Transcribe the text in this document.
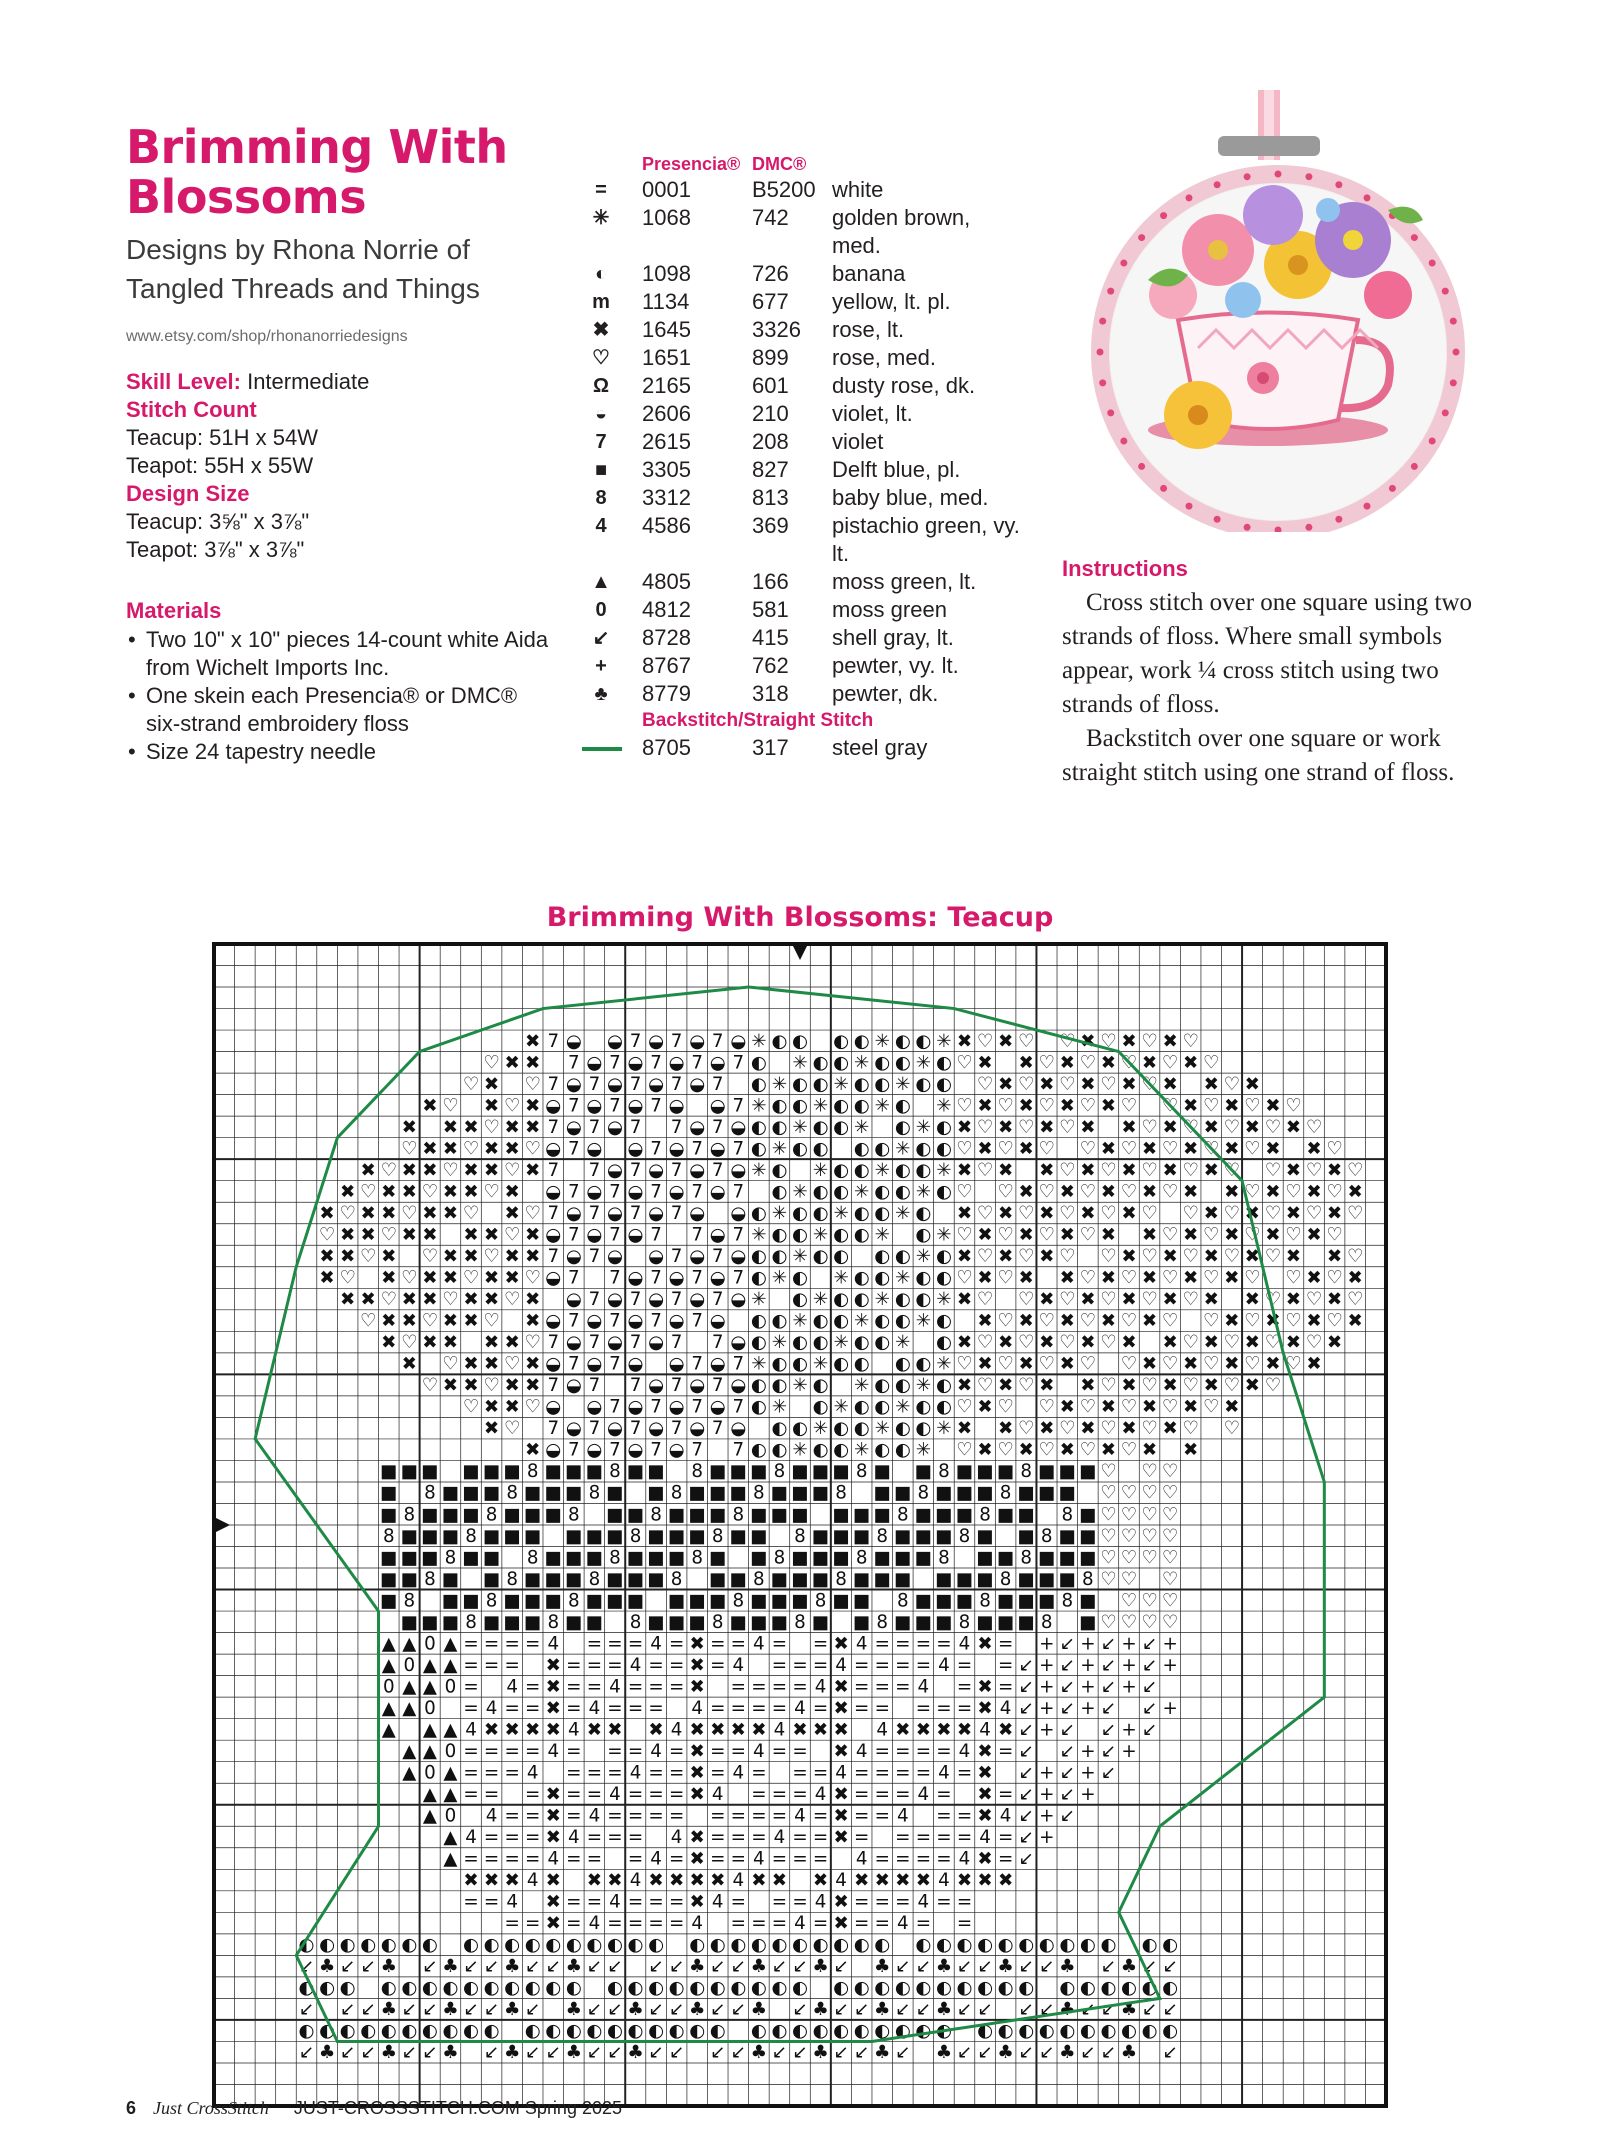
Brimming With Blossoms
Designs by Rhona Norrie of Tangled Threads and Things
www.etsy.com/shop/rhonanorriedesigns
Skill Level: Intermediate
Stitch Count
Teacup: 51H x 54W
Teapot: 55H x 55W
Design Size
Teacup: 3⅝" x 3⅞"
Teapot: 3⅞" x 3⅞"
Materials
• Two 10" x 10" pieces 14-count white Aida from Wichelt Imports Inc.
• One skein each Presencia® or DMC® six-strand embroidery floss
• Size 24 tapestry needle
Presencia® DMC®
=	0001	B5200 white
✳	1068	742 golden brown, med.
◐	1098	726 banana
m	1134	677 yellow, lt. pl.
✖	1645	3326 rose, lt.
♡	1651	899 rose, med.
Ω	2165	601 dusty rose, dk.
◒	2606	210 violet, lt.
7	2615	208 violet
■	3305	827 Delft blue, pl.
8	3312	813 baby blue, med.
4	4586	369 pistachio green, vy. lt.
▲	4805	166 moss green, lt.
0	4812	581 moss green
↙	8728	415 shell gray, lt.
+	8767	762 pewter, vy. lt.
♣	8779	318 pewter, dk.
Backstitch/Straight Stitch
8705	317 steel gray
Instructions

Cross stitch over one square using two strands of floss. Where small symbols appear, work ¼ cross stitch using two strands of floss.

Backstitch over one square or work straight stitch using one strand of floss.

Brimming With Blossoms: Teacup
✖ 7 ◒ ◒ 7 ◒ 7 ◒ 7 ◒ ✳ ◐ ◐ ◐ ◐ ✳ ◐ ◐ ✳ ✖ ♡ ✖ ♡ ♡ ✖ ♡ ✖ ♡ ✖ ♡
♡ ✖ ✖ 7 ◒ 7 ◒ 7 ◒ 7 ◒ 7 ◐ ✳ ◐ ◐ ✳ ◐ ◐ ✳ ◐ ♡ ✖ ✖ ♡ ✖ ♡ ✖ ♡ ✖ ♡ ✖ ♡
♡ ✖ ♡ 7 ◒ 7 ◒ 7 ◒ 7 ◒ 7 ◐ ✳ ◐ ◐ ✳ ◐ ◐ ✳ ◐ ◐ ♡ ✖ ♡ ✖ ♡ ✖ ♡ ✖ ♡ ✖ ✖ ♡ ✖
✖ ♡ ✖ ♡ ✖ ◒ 7 ◒ 7 ◒ 7 ◒ ◒ 7 ✳ ◐ ◐ ✳ ◐ ◐ ✳ ◐ ✳ ♡ ✖ ♡ ✖ ♡ ✖ ♡ ✖ ♡ ♡ ✖ ♡ ✖ ♡ ✖ ♡
✖ ✖ ✖ ♡ ✖ ✖ 7 ◒ 7 ◒ 7 7 ◒ 7 ◒ ◐ ◐ ✳ ◐ ◐ ✳ ◐ ✳ ◐ ✖ ♡ ✖ ♡ ✖ ♡ ✖ ✖ ♡ ✖ ♡ ✖ ♡ ✖ ♡ ✖ ♡
♡ ✖ ✖ ♡ ✖ ✖ ♡ ◒ 7 ◒ ◒ 7 ◒ 7 ◒ 7 ◐ ✳ ◐ ◐ ◐ ◐ ✳ ◐ ◐ ♡ ✖ ♡ ✖ ♡ ♡ ✖ ♡ ✖ ♡ ✖ ♡ ✖ ♡ ✖ ✖ ♡
✖ ♡ ✖ ✖ ♡ ✖ ✖ ♡ ✖ 7 7 ◒ 7 ◒ 7 ◒ 7 ◒ ✳ ◐ ✳ ◐ ◐ ✳ ◐ ◐ ✳ ✖ ♡ ✖ ✖ ♡ ✖ ♡ ✖ ♡ ✖ ♡ ✖ ♡ ♡ ✖ ♡ ✖ ♡
✖ ♡ ✖ ✖ ♡ ✖ ✖ ♡ ✖ ◒ 7 ◒ 7 ◒ 7 ◒ 7 ◒ 7 ◐ ✳ ◐ ◐ ✳ ◐ ◐ ✳ ◐ ♡ ♡ ✖ ♡ ✖ ♡ ✖ ♡ ✖ ♡ ✖ ✖ ♡ ✖ ♡ ✖ ♡ ✖
✖ ♡ ✖ ✖ ♡ ✖ ✖ ♡ ✖ ♡ 7 ◒ 7 ◒ 7 ◒ 7 ◒ ◒ ◐ ✳ ◐ ◐ ✳ ◐ ◐ ✳ ◐ ✖ ♡ ✖ ♡ ✖ ♡ ✖ ♡ ✖ ♡ ♡ ✖ ♡ ✖ ♡ ✖ ♡ ✖ ♡
♡ ✖ ✖ ♡ ✖ ✖ ✖ ✖ ♡ ✖ ◒ 7 ◒ 7 ◒ 7 7 ◒ 7 ✳ ◐ ◐ ✳ ◐ ◐ ✳ ◐ ✳ ♡ ✖ ♡ ✖ ♡ ✖ ♡ ✖ ✖ ♡ ✖ ♡ ✖ ♡ ✖ ♡ ✖ ♡
✖ ✖ ♡ ✖ ♡ ✖ ✖ ♡ ✖ ✖ 7 ◒ 7 ◒ ◒ 7 ◒ 7 ◒ ◐ ◐ ✳ ◐ ◐ ◐ ◐ ✳ ◐ ✖ ♡ ✖ ♡ ✖ ♡ ♡ ✖ ♡ ✖ ♡ ✖ ♡ ✖ ♡ ✖ ✖ ♡
✖ ♡ ✖ ♡ ✖ ✖ ♡ ✖ ✖ ♡ ◒ 7 7 ◒ 7 ◒ 7 ◒ 7 ◐ ✳ ◐ ✳ ◐ ◐ ✳ ◐ ◐ ♡ ✖ ♡ ✖ ✖ ♡ ✖ ♡ ✖ ♡ ✖ ♡ ✖ ♡ ♡ ✖ ♡ ✖
✖ ✖ ♡ ✖ ✖ ♡ ✖ ✖ ♡ ✖ ◒ 7 ◒ 7 ◒ 7 ◒ 7 ◒ ✳ ◐ ✳ ◐ ◐ ✳ ◐ ◐ ✳ ✖ ♡ ♡ ✖ ♡ ✖ ♡ ✖ ♡ ✖ ♡ ✖ ✖ ♡ ✖ ♡ ✖ ♡
♡ ✖ ✖ ♡ ✖ ✖ ♡ ✖ ◒ 7 ◒ 7 ◒ 7 ◒ 7 ◒ ◐ ◐ ✳ ◐ ◐ ✳ ◐ ◐ ✳ ◐ ✖ ♡ ✖ ♡ ✖ ♡ ✖ ♡ ✖ ♡ ♡ ✖ ♡ ✖ ♡ ✖ ♡ ✖
✖ ♡ ✖ ✖ ✖ ✖ ♡ 7 ◒ 7 ◒ 7 ◒ 7 7 ◒ ◐ ✳ ◐ ◐ ✳ ◐ ◐ ✳ ◐ ✖ ♡ ✖ ♡ ✖ ♡ ✖ ♡ ✖ ✖ ♡ ✖ ♡ ✖ ♡ ✖ ♡ ✖
✖ ♡ ✖ ✖ ♡ ✖ ◒ 7 ◒ 7 ◒ ◒ 7 ◒ 7 ✳ ◐ ◐ ✳ ◐ ◐ ◐ ◐ ✳ ♡ ✖ ♡ ✖ ♡ ✖ ♡ ♡ ✖ ♡ ✖ ♡ ✖ ♡ ✖ ♡ ✖
♡ ✖ ✖ ♡ ✖ ✖ 7 ◒ 7 7 ◒ 7 ◒ 7 ◒ ◐ ◐ ✳ ◐ ✳ ◐ ◐ ✳ ◐ ✖ ♡ ✖ ♡ ✖ ✖ ♡ ✖ ♡ ✖ ♡ ✖ ♡ ✖ ♡
♡ ✖ ✖ ♡ ◒ ◒ 7 ◒ 7 ◒ 7 ◒ 7 ◐ ✳ ◐ ✳ ◐ ◐ ✳ ◐ ◐ ♡ ✖ ♡ ♡ ✖ ♡ ✖ ♡ ✖ ♡ ✖ ♡ ✖
✖ ♡ 7 ◒ 7 ◒ 7 ◒ 7 ◒ 7 ◒ ◐ ◐ ✳ ◐ ◐ ✳ ◐ ◐ ✳ ✖ ✖ ♡ ✖ ♡ ✖ ♡ ✖ ♡ ✖ ♡ ♡
✖ ◒ 7 ◒ 7 ◒ 7 ◒ 7 7 ◐ ◐ ✳ ◐ ◐ ✳ ◐ ◐ ✳ ♡ ✖ ♡ ✖ ♡ ✖ ♡ ✖ ♡ ✖ ✖
■ ■ ■ ■ ■ ■ 8 ■ ■ ■ 8 ■ ■ 8 ■ ■ ■ 8 ■ ■ ■ 8 ■ ■ 8 ■ ■ ■ 8 ■ ■ ■ ♡ ♡ ♡
■ 8 ■ ■ ■ 8 ■ ■ ■ 8 ■ ■ 8 ■ ■ ■ 8 ■ ■ ■ 8 ■ ■ 8 ■ ■ ■ 8 ■ ■ ■ ♡ ♡ ♡ ♡
■ 8 ■ ■ ■ 8 ■ ■ ■ 8 ■ ■ 8 ■ ■ ■ 8 ■ ■ ■ ■ ■ ■ 8 ■ ■ ■ 8 ■ ■ 8 ■ ♡ ♡ ♡ ♡
8 ■ ■ ■ 8 ■ ■ ■ ■ ■ ■ 8 ■ ■ ■ 8 ■ ■ 8 ■ ■ ■ 8 ■ ■ ■ 8 ■ ■ 8 ■ ■ ♡ ♡ ♡ ♡
■ ■ ■ 8 ■ ■ 8 ■ ■ ■ 8 ■ ■ ■ 8 ■ ■ 8 ■ ■ ■ 8 ■ ■ ■ 8 ■ ■ 8 ■ ■ ■ ♡ ♡ ♡ ♡
■ ■ 8 ■ ■ 8 ■ ■ ■ 8 ■ ■ ■ 8 ■ ■ 8 ■ ■ ■ 8 ■ ■ ■ ■ ■ ■ 8 ■ ■ ■ 8 ♡ ♡ ♡
■ 8 ■ ■ 8 ■ ■ ■ 8 ■ ■ ■ ■ ■ ■ 8 ■ ■ ■ 8 ■ ■ 8 ■ ■ ■ 8 ■ ■ ■ 8 ■ ♡ ♡ ♡
■ ■ ■ 8 ■ ■ ■ 8 ■ ■ 8 ■ ■ ■ 8 ■ ■ ■ 8 ■ ■ 8 ■ ■ ■ 8 ■ ■ ■ 8 ■ ♡ ♡ ♡ ♡
▲ ▲ 0 ▲ = = = = 4 = = = 4 = ✖ = = 4 = = ✖ 4 = = = = 4 ✖ = + ↙ + ↙ + ↙ +
▲ 0 ▲ ▲ = = = ✖ = = = 4 = = ✖ = 4 = = = 4 = = = = 4 = = ↙ + ↙ + ↙ + ↙ +
0 ▲ ▲ 0 = 4 = ✖ = = 4 = = = ✖ = = = = 4 ✖ = = = 4 = ✖ = ↙ + ↙ + ↙ + ↙
▲ ▲ 0 = 4 = = ✖ = 4 = = = 4 = = = = 4 = ✖ = = = = = ✖ 4 ↙ + ↙ + ↙ ↙ +
▲ ▲ ▲ 4 ✖ ✖ ✖ ✖ 4 ✖ ✖ ✖ 4 ✖ ✖ ✖ ✖ 4 ✖ ✖ ✖ 4 ✖ ✖ ✖ ✖ 4 ✖ ↙ + ↙ ↙ + ↙
▲ ▲ 0 = = = = 4 = = = 4 = ✖ = = 4 = = ✖ 4 = = = = 4 ✖ = ↙ ↙ + ↙ +
▲ 0 ▲ = = = 4 = = = 4 = = ✖ = 4 = = = 4 = = = = 4 = ✖ ↙ + ↙ + ↙
▲ ▲ = = = ✖ = = 4 = = = ✖ 4 = = = 4 ✖ = = = 4 = ✖ = ↙ + ↙ +
▲ 0 4 = = ✖ = 4 = = = = = = = = 4 = ✖ = = 4 = = ✖ 4 ↙ + ↙
▲ 4 = = = ✖ 4 = = = 4 ✖ = = = 4 = = ✖ = = = = = 4 = ↙ +
▲ = = = = 4 = = = 4 = ✖ = = 4 = = = 4 = = = = 4 ✖ = ↙
✖ ✖ ✖ 4 ✖ ✖ ✖ 4 ✖ ✖ ✖ ✖ 4 ✖ ✖ ✖ 4 ✖ ✖ ✖ ✖ 4 ✖ ✖ ✖
= = 4 ✖ = = 4 = = = ✖ 4 = = = 4 ✖ = = = 4 = =
= = ✖ = 4 = = = = 4 = = = 4 = ✖ = = 4 = =
◐ ◐ ◐ ◐ ◐ ◐ ◐ ◐ ◐ ◐ ◐ ◐ ◐ ◐ ◐ ◐ ◐ ◐ ◐ ◐ ◐ ◐ ◐ ◐ ◐ ◐ ◐ ◐ ◐ ◐ ◐ ◐ ◐ ◐ ◐ ◐ ◐ ◐ ◐
↙ ♣ ↙ ↙ ♣ ↙ ♣ ↙ ↙ ♣ ↙ ↙ ♣ ↙ ↙ ↙ ↙ ♣ ↙ ↙ ♣ ↙ ↙ ♣ ↙ ♣ ↙ ↙ ♣ ↙ ↙ ♣ ↙ ↙ ♣ ↙ ♣ ↙ ↙
◐ ◐ ◐ ◐ ◐ ◐ ◐ ◐ ◐ ◐ ◐ ◐ ◐ ◐ ◐ ◐ ◐ ◐ ◐ ◐ ◐ ◐ ◐ ◐ ◐ ◐ ◐ ◐ ◐ ◐ ◐ ◐ ◐ ◐ ◐ ◐ ◐ ◐ ◐
↙ ↙ ↙ ♣ ↙ ↙ ♣ ↙ ↙ ♣ ↙ ♣ ↙ ↙ ♣ ↙ ↙ ♣ ↙ ↙ ♣ ↙ ♣ ↙ ↙ ♣ ↙ ↙ ♣ ↙ ↙ ↙ ↙ ♣ ↙ ↙ ♣ ↙ ↙
◐ ◐ ◐ ◐ ◐ ◐ ◐ ◐ ◐ ◐ ◐ ◐ ◐ ◐ ◐ ◐ ◐ ◐ ◐ ◐ ◐ ◐ ◐ ◐ ◐ ◐ ◐ ◐ ◐ ◐ ◐ ◐ ◐ ◐ ◐ ◐ ◐ ◐ ◐ ◐
↙ ♣ ↙ ↙ ♣ ↙ ↙ ♣ ↙ ♣ ↙ ↙ ♣ ↙ ↙ ♣ ↙ ↙ ↙ ↙ ♣ ↙ ↙ ♣ ↙ ↙ ♣ ↙ ♣ ↙ ↙ ♣ ↙ ↙ ♣ ↙ ↙ ♣ ↙
6 Just CrossStitch JUST-CROSSSTITCH.COM Spring 2025
